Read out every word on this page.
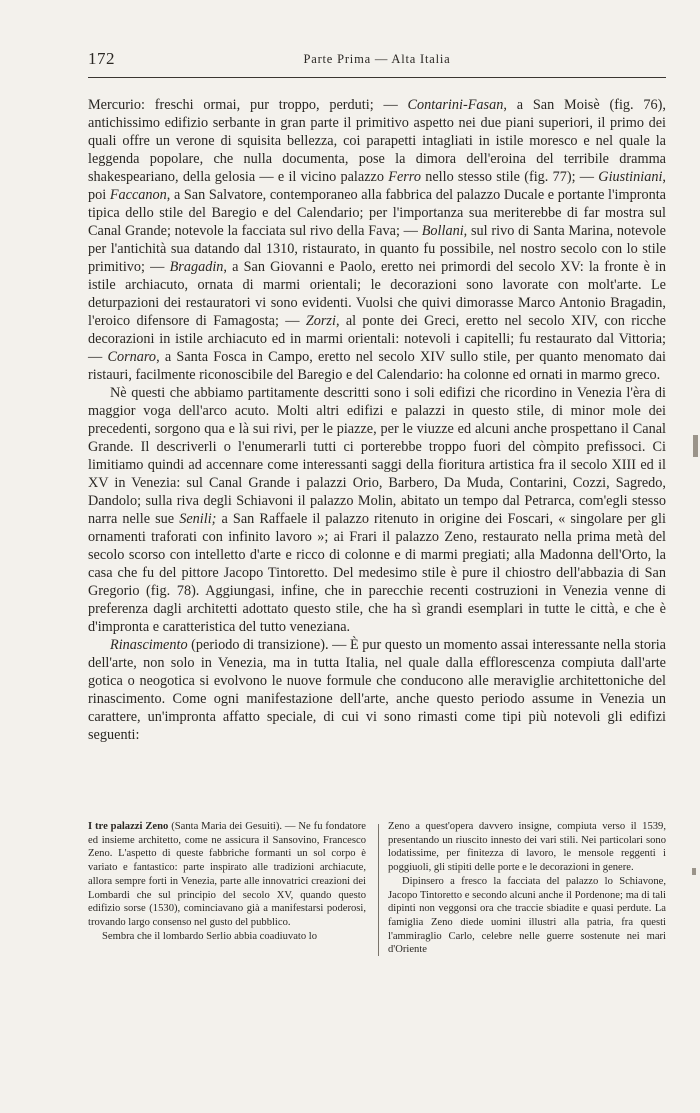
172	Parte Prima — Alta Italia

Mercurio: freschi ormai, pur troppo, perduti; — Contarini-Fasan, a San Moisè (fig. 76), antichissimo edifizio serbante in gran parte il primitivo aspetto nei due piani superiori, il primo dei quali offre un verone di squisita bellezza, coi parapetti intagliati in istile moresco e nel quale la leggenda popolare, che nulla documenta, pose la dimora dell'eroina del terribile dramma shakespeariano, della gelosia — e il vicino palazzo Ferro nello stesso stile (fig. 77); — Giustiniani, poi Faccanon, a San Salvatore, contemporaneo alla fabbrica del palazzo Ducale e portante l'impronta tipica dello stile del Baregio e del Calendario; per l'importanza sua meriterebbe di far mostra sul Canal Grande; notevole la facciata sul rivo della Fava; — Bollani, sul rivo di Santa Marina, notevole per l'antichità sua datando dal 1310, ristaurato, in quanto fu possibile, nel nostro secolo con lo stile primitivo; — Bragadin, a San Giovanni e Paolo, eretto nei primordi del secolo XV: la fronte è in istile archiacuto, ornata di marmi orientali; le decorazioni sono lavorate con molt'arte. Le deturpazioni dei restauratori vi sono evidenti. Vuolsi che quivi dimorasse Marco Antonio Bragadin, l'eroico difensore di Famagosta; — Zorzi, al ponte dei Greci, eretto nel secolo XIV, con ricche decorazioni in istile archiacuto ed in marmi orientali: notevoli i capitelli; fu restaurato dal Vittoria; — Cornaro, a Santa Fosca in Campo, eretto nel secolo XIV sullo stile, per quanto menomato dai ristauri, facilmente riconoscibile del Baregio e del Calendario: ha colonne ed ornati in marmo greco.

Nè questi che abbiamo partitamente descritti sono i soli edifizi che ricordino in Venezia l'èra di maggior voga dell'arco acuto. Molti altri edifizi e palazzi in questo stile, di minor mole dei precedenti, sorgono qua e là sui rivi, per le piazze, per le viuzze ed alcuni anche prospettano il Canal Grande. Il descriverli o l'enumerarli tutti ci porterebbe troppo fuori del còmpito prefissoci. Ci limitiamo quindi ad accennare come interessanti saggi della fioritura artistica fra il secolo XIII ed il XV in Venezia: sul Canal Grande i palazzi Orio, Barbero, Da Muda, Contarini, Cozzi, Sagredo, Dandolo; sulla riva degli Schiavoni il palazzo Molin, abitato un tempo dal Petrarca, com'egli stesso narra nelle sue Senili; a San Raffaele il palazzo ritenuto in origine dei Foscari, « singolare per gli ornamenti traforati con infinito lavoro »; ai Frari il palazzo Zeno, restaurato nella prima metà del secolo scorso con intelletto d'arte e ricco di colonne e di marmi pregiati; alla Madonna dell'Orto, la casa che fu del pittore Jacopo Tintoretto. Del medesimo stile è pure il chiostro dell'abbazia di San Gregorio (fig. 78). Aggiungasi, infine, che in parecchie recenti costruzioni in Venezia venne di preferenza dagli architetti adottato questo stile, che ha sì grandi esemplari in tutte le città, e che è d'impronta e caratteristica del tutto veneziana.

Rinascimento (periodo di transizione). — È pur questo un momento assai interessante nella storia dell'arte, non solo in Venezia, ma in tutta Italia, nel quale dalla efflorescenza compiuta dall'arte gotica o neogotica si evolvono le nuove formule che conducono alle meraviglie architettoniche del rinascimento. Come ogni manifestazione dell'arte, anche questo periodo assume in Venezia un carattere, un'impronta affatto speciale, di cui vi sono rimasti come tipi più notevoli gli edifizi seguenti:

I tre palazzi Zeno (Santa Maria dei Gesuiti). — Ne fu fondatore ed insieme architetto, come ne assicura il Sansovino, Francesco Zeno. L'aspetto di queste fabbriche formanti un sol corpo è variato e fantastico: parte inspirato alle tradizioni archiacute, allora sempre forti in Venezia, parte alle innovatrici creazioni dei Lombardi che sul principio del secolo XV, quando questo edifizio sorse (1530), cominciavano già a manifestarsi poderosi, trovando largo consenso nel gusto del pubblico.

Sembra che il lombardo Serlio abbia coadiuvato lo

Zeno a quest'opera davvero insigne, compiuta verso il 1539, presentando un riuscito innesto dei vari stili. Nei particolari sono lodatissime, per finitezza di lavoro, le mensole reggenti i poggiuoli, gli stipiti delle porte e le decorazioni in genere.

Dipinsero a fresco la facciata del palazzo lo Schiavone, Jacopo Tintoretto e secondo alcuni anche il Pordenone; ma di tali dipinti non veggonsi ora che traccie sbiadite e quasi perdute. La famiglia Zeno diede uomini illustri alla patria, fra questi l'ammiraglio Carlo, celebre nelle guerre sostenute nei mari d'Oriente
